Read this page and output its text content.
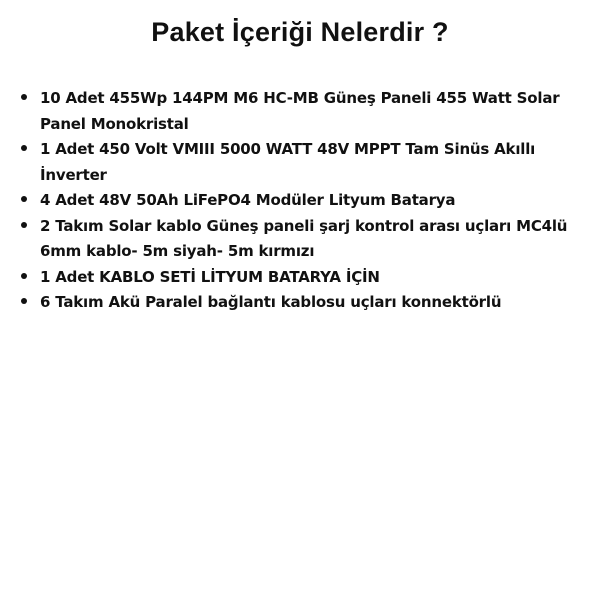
Paket İçeriği Nelerdir ?
10 Adet 455Wp 144PM M6 HC-MB Güneş Paneli 455 Watt Solar Panel Monokristal
1 Adet 450 Volt VMIII 5000 WATT 48V MPPT Tam Sinüs Akıllı İnverter
4 Adet 48V 50Ah LiFePO4 Modüler Lityum Batarya
2 Takım Solar kablo Güneş paneli şarj kontrol arası uçları MC4lü 6mm kablo- 5m siyah- 5m kırmızı
1 Adet KABLO SETİ LİTYUM BATARYA İÇİN
6 Takım Akü Paralel bağlantı kablosu uçları konnektörlü
